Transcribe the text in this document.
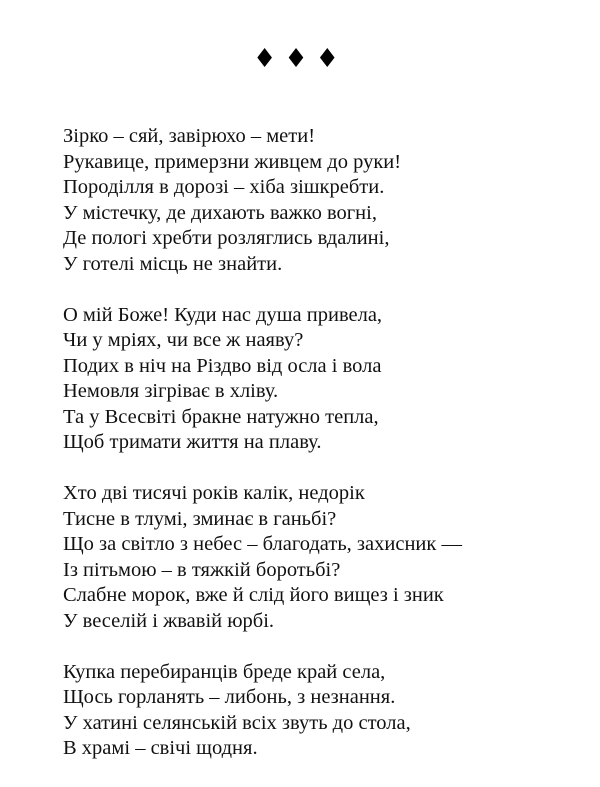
♦♦♦
Зірко – сяй, завірюхо – мети!
Рукавице, примерзни живцем до руки!
Породілля в дорозі – хіба зішкребти.
У містечку, де дихають важко вогні,
Де пологі хребти розляглись вдалині,
У готелі місць не знайти.
О мій Боже! Куди нас душа привела,
Чи у мріях, чи все ж наяву?
Подих в ніч на Різдво від осла і вола
Немовля зігріває в хліву.
Та у Всесвіті бракне натужно тепла,
Щоб тримати життя на плаву.
Хто дві тисячі років калік, недорік
Тисне в тлумі, зминає в ганьбі?
Що за світло з небес – благодать, захисник —
Із пітьмою – в тяжкій боротьбі?
Слабне морок, вже й слід його вищез і зник
У веселій і жвавій юрбі.
Купка перебиранців бреде край села,
Щось горланять – либонь, з незнання.
У хатині селянській всіх звуть до стола,
В храмі – свічі щодня.
